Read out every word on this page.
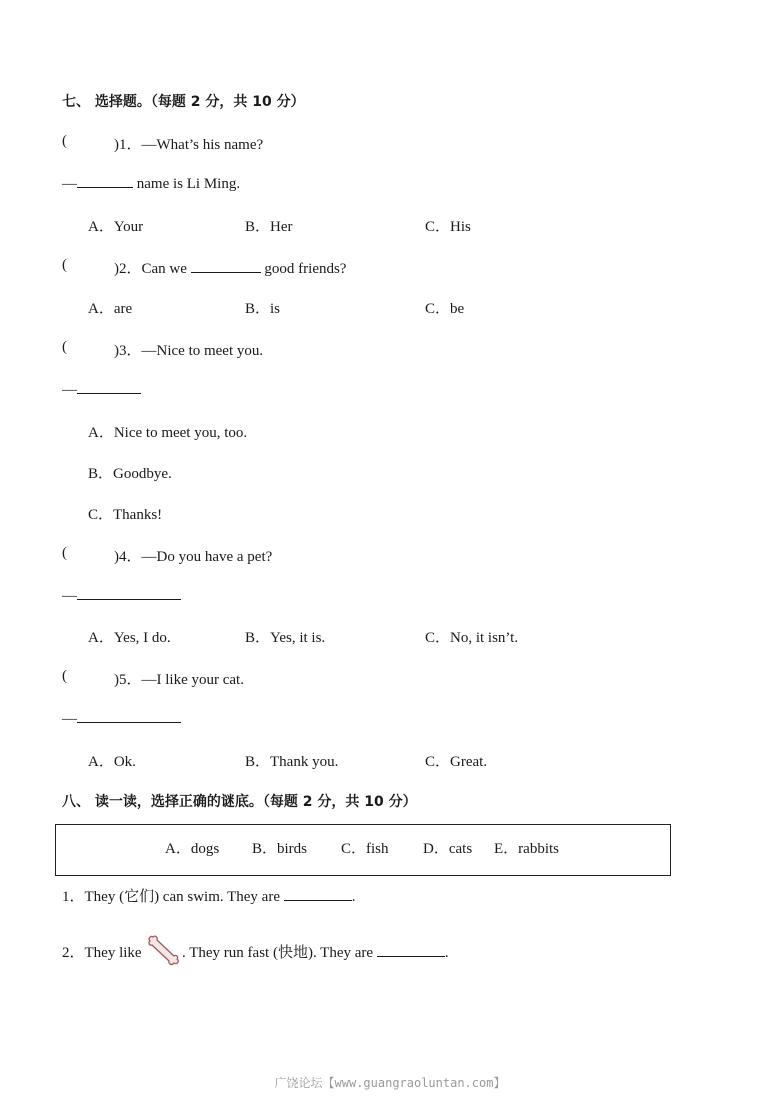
七、 选择题。（每题 2 分，共 10 分）
(	)1．—What’s his name?
—	name is Li Ming.
A．Your	B．Her	C．His
(	)2．Can we	good friends?
A．are	B．is	C．be
(	)3．—Nice to meet you.
—
A．Nice to meet you, too.
B．Goodbye.
C．Thanks!
(	)4．—Do you have a pet?
—
A．Yes, I do.	B．Yes, it is.	C．No, it isn’t.
(	)5．—I like your cat.
—
A．Ok.	B．Thank you.	C．Great.
八、 读一读，选择正确的谜底。（每题 2 分，共 10 分）
A．dogs B．birds C．fish D．cats E．rabbits
1．They (它们) can swim. They are	.
2．They like	. They run fast (快地). They are	.
广饶论坛【www.guangraoluntan.com】
